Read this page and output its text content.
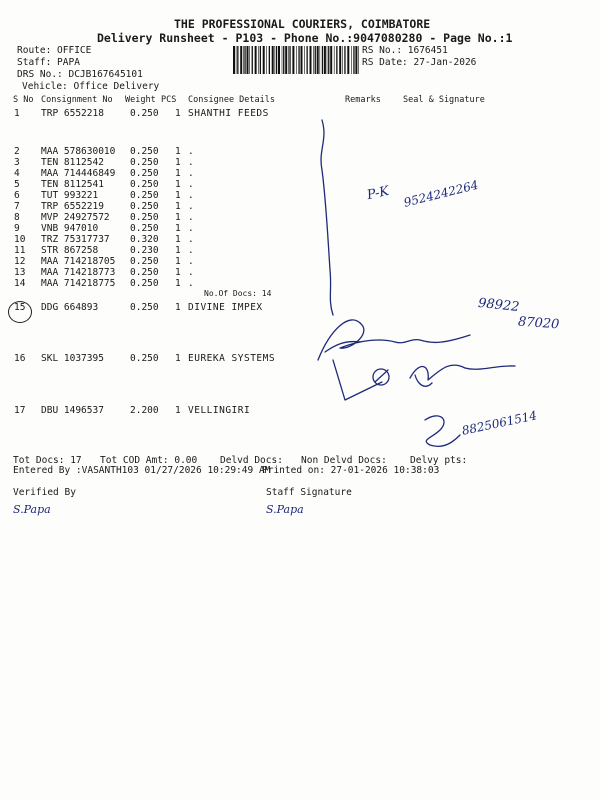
THE PROFESSIONAL COURIERS, COIMBATORE
Delivery Runsheet - P103 - Phone No.:9047080280 - Page No.:1
Route: OFFICE
Staff: PAPA
DRS No.: DCJB167645101
Vehicle: Office Delivery
RS No.: 1676451
RS Date: 27-Jan-2026
S No Consignment No Weight PCS Consignee Details	Remarks	Seal & Signature
1 TRP 6552218	0.250 1 SHANTHI FEEDS
2 MAA 578630010 0.250 1 .
3 TEN 8112542	0.250 1 .
4 MAA 714446849 0.250 1 .
5 TEN 8112541	0.250 1 .
6 TUT 993221	0.250 1 .
7 TRP 6552219	0.250 1 .
8 MVP 24927572 0.250 1 .
9 VNB 947010	0.250 1 .
10 TRZ 75317737 0.320 1 .
11 STR 867258	0.230 1 .
12 MAA 714218705 0.250 1 .
13 MAA 714218773 0.250 1 .
14 MAA 714218775 0.250 1 .
15 DDG 664893	0.250 1 DIVINE IMPEX
16 SKL 1037395	0.250 1 EUREKA SYSTEMS
17 DBU 1496537	2.200 1 VELLINGIRI
No.Of Docs: 14
P-K 9524242264
98922
87020
8825061514
Tot Docs: 17 Tot COD Amt: 0.00 Delvd Docs: Non Delvd Docs: Delvy pts:
Entered By :VASANTH103 01/27/2026 10:29:49 AM
Printed on: 27-01-2026 10:38:03
Verified By	Staff Signature
S.Papa	S.Papa
